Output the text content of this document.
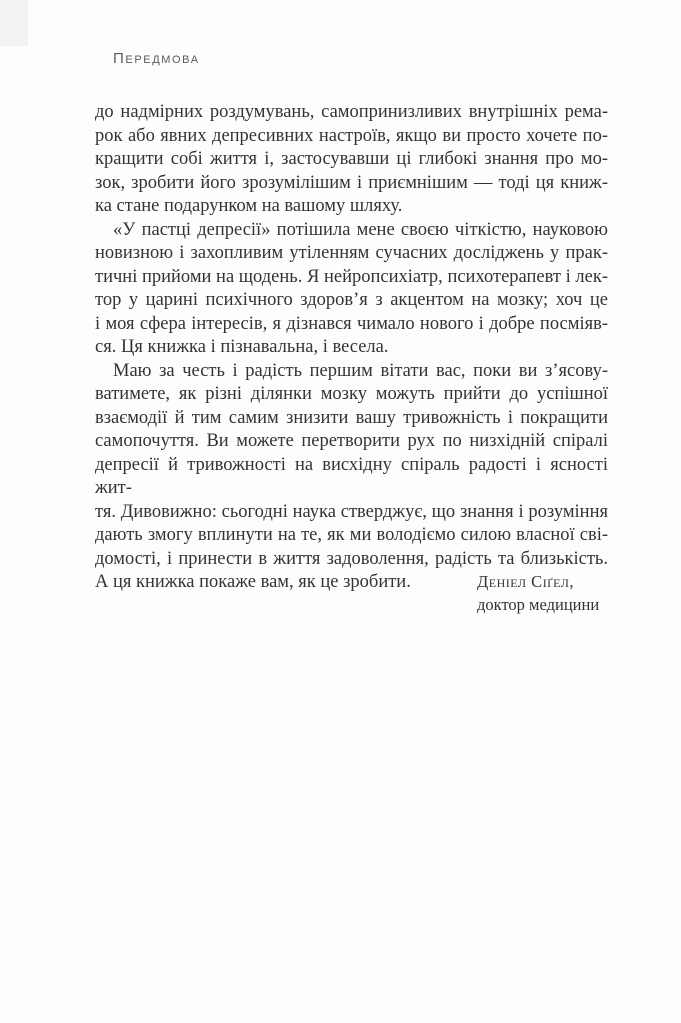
Передмова

до надмірних роздумувань, самопринизливих внутрішніх рема-
рок або явних депресивних настроїв, якщо ви просто хочете по-
кращити собі життя і, застосувавши ці глибокі знання про мо-
зок, зробити його зрозумілішим і приємнішим — тоді ця книж-
ка стане подарунком на вашому шляху.

«У пастці депресії» потішила мене своєю чіткістю, науковою
новизною і захопливим утіленням сучасних досліджень у прак-
тичні прийоми на щодень. Я нейропсихіатр, психотерапевт і лек-
тор у царині психічного здоров’я з акцентом на мозку; хоч це
і моя сфера інтересів, я дізнався чимало нового і добре посміяв-
ся. Ця книжка і пізнавальна, і весела.

Маю за честь і радість першим вітати вас, поки ви з’ясову-
ватимете, як різні ділянки мозку можуть прийти до успішної
взаємодії й тим самим знизити вашу тривожність і покращити
самопочуття. Ви можете перетворити рух по низхідній спіралі
депресії й тривожності на висхідну спіраль радості і ясності жит-
тя. Дивовижно: сьогодні наука стверджує, що знання і розуміння
дають змогу вплинути на те, як ми володіємо силою власної сві-
домості, і принести в життя задоволення, радість та близькість.
А ця книжка покаже вам, як це зробити.	Деніел Сіґел,
доктор медицини
